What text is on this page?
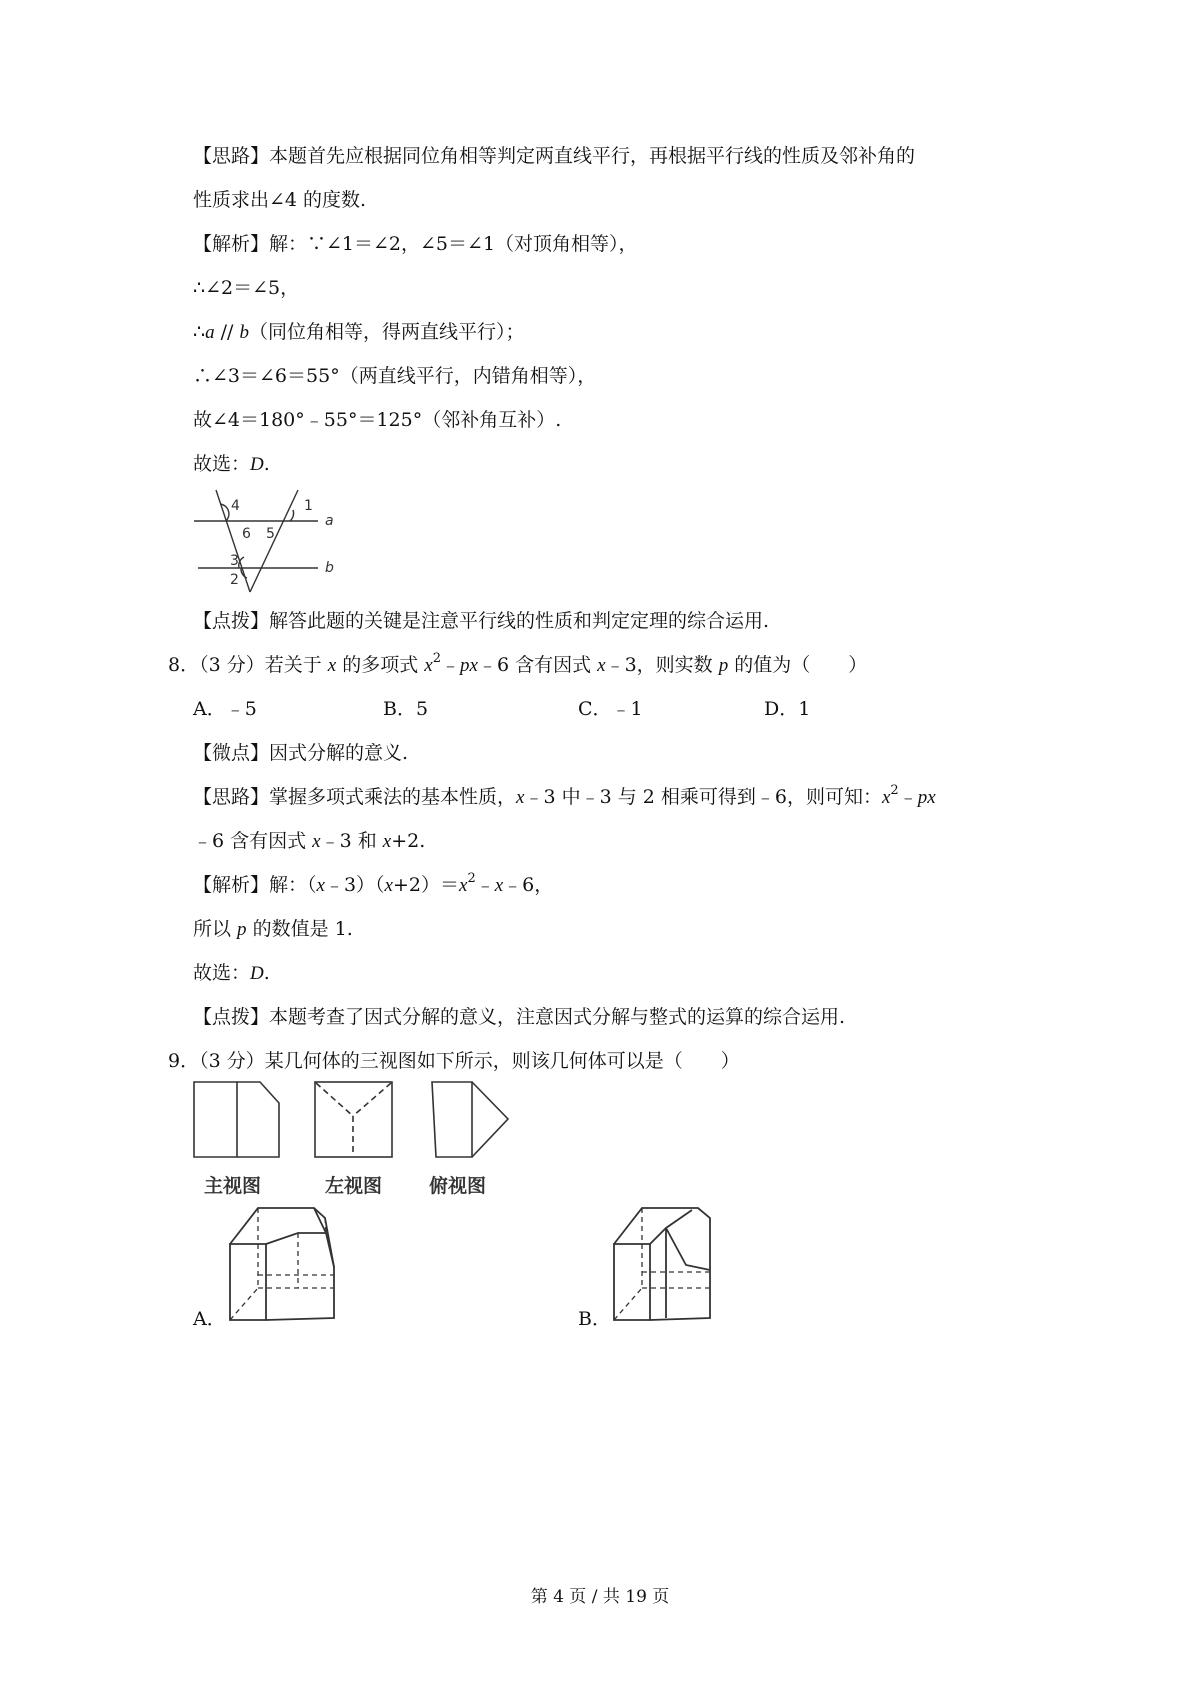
【思路】本题首先应根据同位角相等判定两直线平行，再根据平行线的性质及邻补角的
性质求出∠4 的度数.
【解析】解：∵∠1＝∠2，∠5＝∠1（对顶角相等），
∴∠2＝∠5，
∴a // b（同位角相等，得两直线平行）；
∴∠3＝∠6＝55°（两直线平行，内错角相等），
故∠4＝180°﹣55°＝125°（邻补角互补）.
故选：D.
4	1
6 5
3
2
a
b
【点拨】解答此题的关键是注意平行线的性质和判定定理的综合运用.
8．（3 分）若关于 x 的多项式 $x^2﹣px﹣6$ 含有因式 x﹣3，则实数 p 的值为（　　）
A．﹣5	B．5	C．﹣1	D．1
【微点】因式分解的意义.
【思路】掌握多项式乘法的基本性质，x﹣3 中﹣3 与 2 相乘可得到﹣6，则可知：$x^2﹣px$
﹣6 含有因式 x﹣3 和 x+2.
【解析】解：$(x﹣3)(x+2)=x^2﹣x﹣6$，
所以 p 的数值是 1.
故选：D.
【点拨】本题考查了因式分解的意义，注意因式分解与整式的运算的综合运用.
9．（3 分）某几何体的三视图如下所示，则该几何体可以是（　　）
主视图	左视图 俯视图
A．	B．
第 4 页 / 共 19 页
